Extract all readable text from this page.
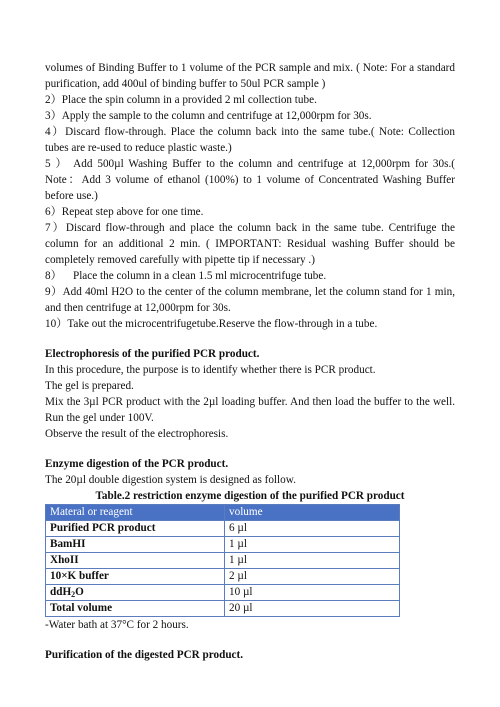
volumes of Binding Buffer to 1 volume of the PCR sample and mix. ( Note: For a standard purification, add 400ul of binding buffer to 50ul PCR sample )

2）Place the spin column in a provided 2 ml collection tube.

3）Apply the sample to the column and centrifuge at 12,000rpm for 30s.

4）Discard flow-through. Place the column back into the same tube.( Note: Collection tubes are re-used to reduce plastic waste.)

5 ） Add 500µl Washing Buffer to the column and centrifuge at 12,000rpm for 30s.( Note：Add 3 volume of ethanol (100%) to 1 volume of Concentrated Washing Buffer before use.)

6）Repeat step above for one time.

7）Discard flow-through and place the column back in the same tube. Centrifuge the column for an additional 2 min. ( IMPORTANT: Residual washing Buffer should be completely removed carefully with pipette tip if necessary .)

8）    Place the column in a clean 1.5 ml microcentrifuge tube.

9）Add 40ml H2O to the center of the column membrane, let the column stand for 1 min, and then centrifuge at 12,000rpm for 30s.

10）Take out the microcentrifugetube.Reserve the flow-through in a tube.

Electrophoresis of the purified PCR product.

In this procedure, the purpose is to identify whether there is PCR product.

The gel is prepared.

Mix the 3µl PCR product with the 2µl loading buffer. And then load the buffer to the well. Run the gel under 100V.

Observe the result of the electrophoresis.

Enzyme digestion of the PCR product.

The 20µl double digestion system is designed as follow.

Table.2 restriction enzyme digestion of the purified PCR product

Materal or reagent	volume
Purified PCR product	6 µl
BamHI	1 µl
XhoII	1 µl
10×K buffer	2 µl
ddH$_2$O	10 µl
Total volume	20 µl

-Water bath at 37°C for 2 hours.

Purification of the digested PCR product.
